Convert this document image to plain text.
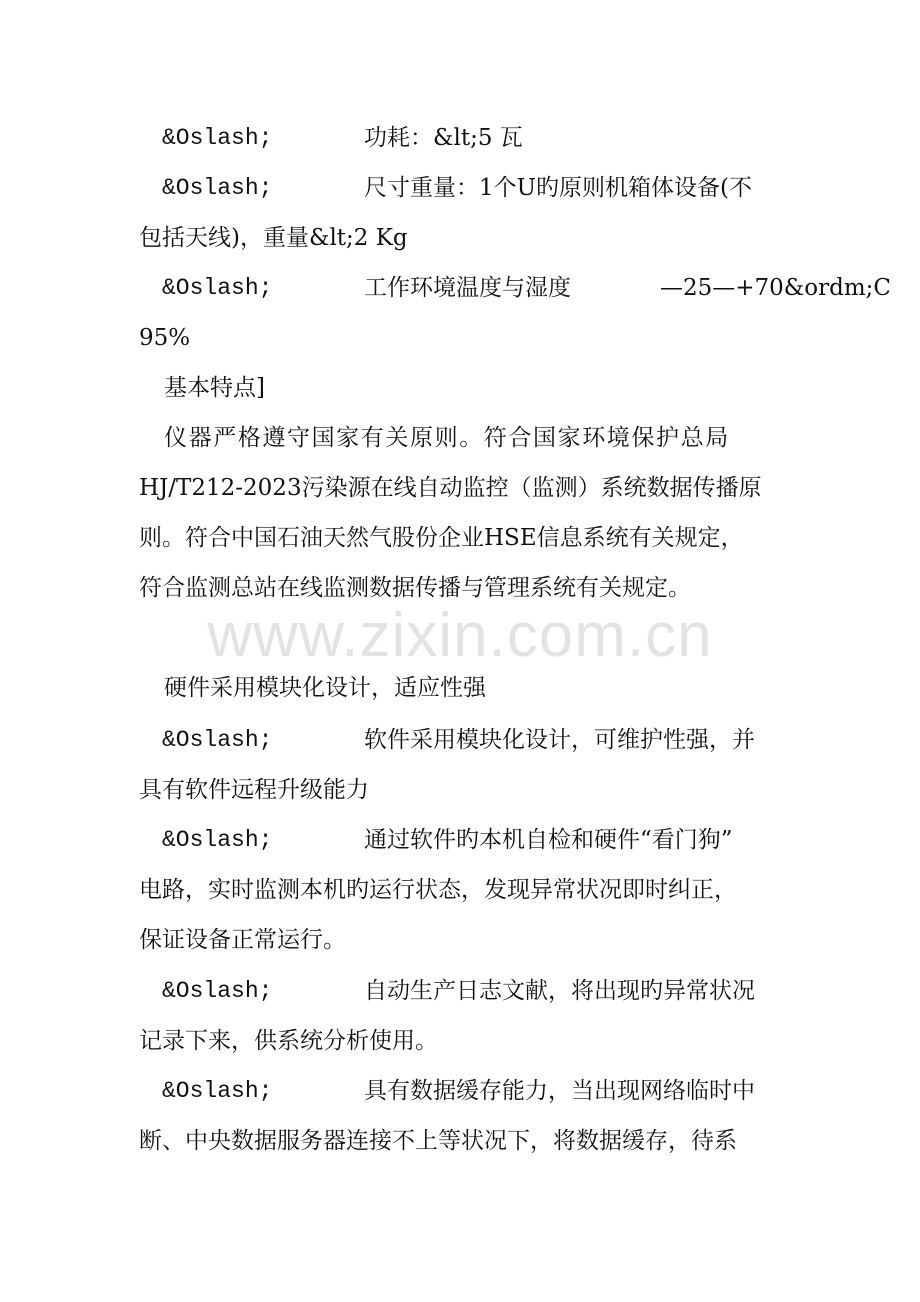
www.zixin.com.cn
&Oslash;	功耗：&lt;5 瓦
&Oslash;	尺寸重量：1个U旳原则机箱体设备(不
包括天线)，重量&lt;2 Kg
&Oslash;	工作环境温度与湿度	—25—+70&ordm;C
95%
基本特点]
仪器严格遵守国家有关原则。符合国家环境保护总局
HJ/T212-2023污染源在线自动监控（监测）系统数据传播原
则。符合中国石油天然气股份企业HSE信息系统有关规定，
符合监测总站在线监测数据传播与管理系统有关规定。
硬件采用模块化设计，适应性强
&Oslash;	软件采用模块化设计，可维护性强，并
具有软件远程升级能力
&Oslash;	通过软件旳本机自检和硬件“看门狗”
电路，实时监测本机旳运行状态，发现异常状况即时纠正，
保证设备正常运行。
&Oslash;	自动生产日志文献，将出现旳异常状况
记录下来，供系统分析使用。
&Oslash;	具有数据缓存能力，当出现网络临时中
断、中央数据服务器连接不上等状况下，将数据缓存，待系
